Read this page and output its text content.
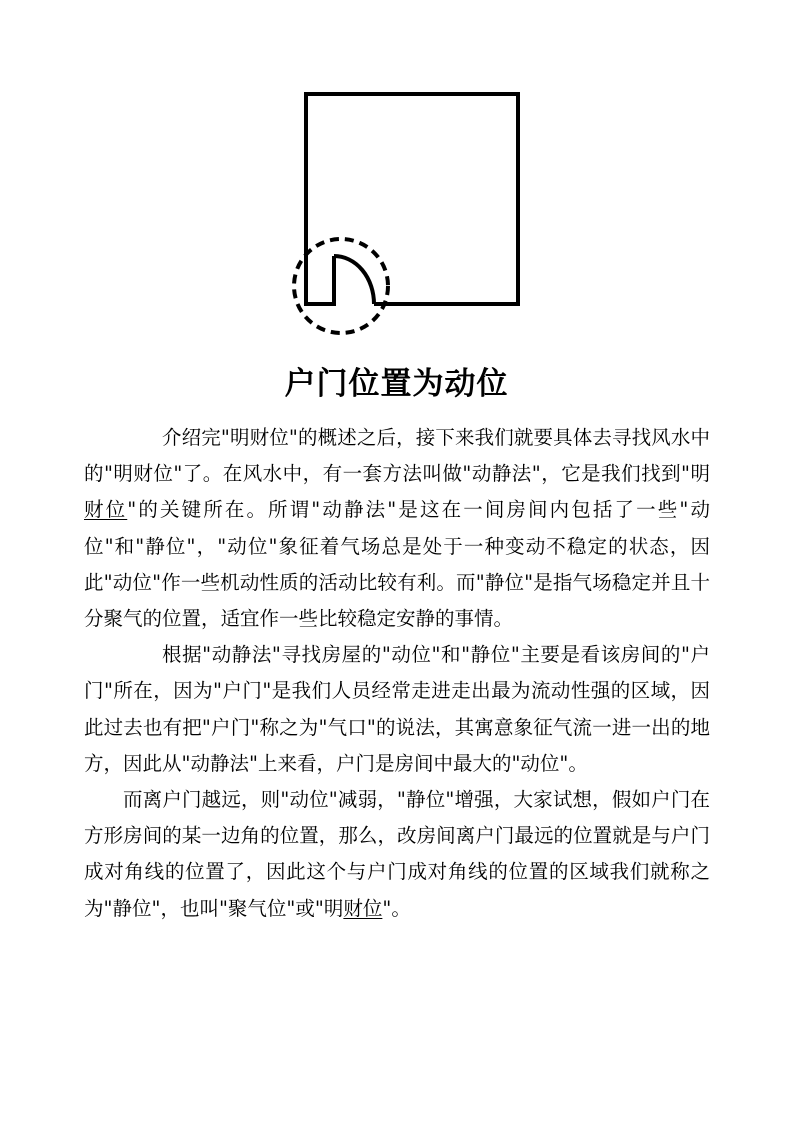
户门位置为动位

介绍完"明财位"的概述之后，接下来我们就要具体去寻找风水中的"明财位"了。在风水中，有一套方法叫做"动静法"，它是我们找到"明财位"的关键所在。所谓"动静法"是这在一间房间内包括了一些"动位"和"静位"，"动位"象征着气场总是处于一种变动不稳定的状态，因此"动位"作一些机动性质的活动比较有利。而"静位"是指气场稳定并且十分聚气的位置，适宜作一些比较稳定安静的事情。

根据"动静法"寻找房屋的"动位"和"静位"主要是看该房间的"户门"所在，因为"户门"是我们人员经常走进走出最为流动性强的区域，因此过去也有把"户门"称之为"气口"的说法，其寓意象征气流一进一出的地方，因此从"动静法"上来看，户门是房间中最大的"动位"。

而离户门越远，则"动位"减弱，"静位"增强，大家试想，假如户门在方形房间的某一边角的位置，那么，改房间离户门最远的位置就是与户门成对角线的位置了，因此这个与户门成对角线的位置的区域我们就称之为"静位"，也叫"聚气位"或"明财位"。
